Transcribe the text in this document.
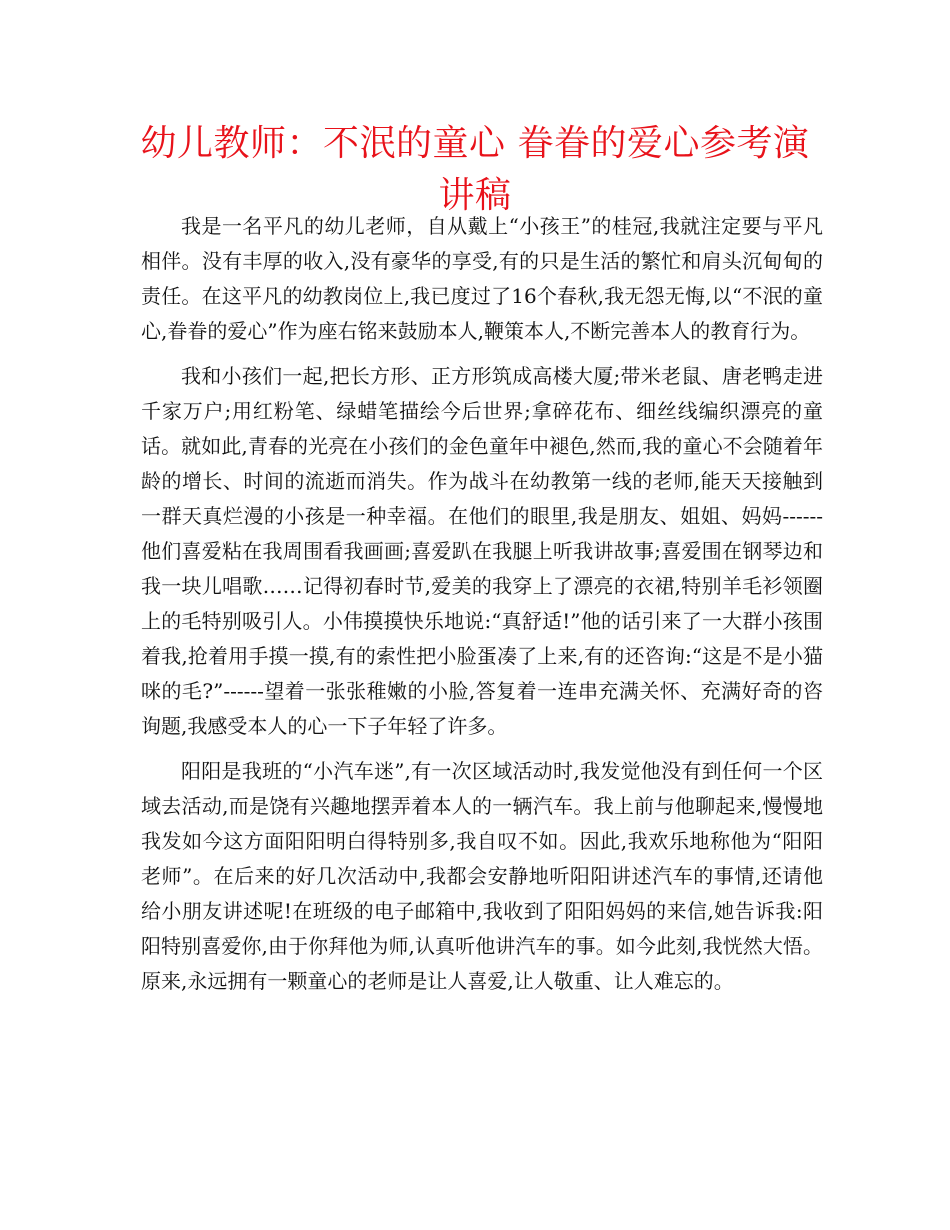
幼儿教师：不泯的童心 眷眷的爱心参考演讲稿

我是一名平凡的幼儿老师，自从戴上“小孩王”的桂冠,我就注定要与平凡相伴。没有丰厚的收入,没有豪华的享受,有的只是生活的繁忙和肩头沉甸甸的责任。在这平凡的幼教岗位上,我已度过了16个春秋,我无怨无悔,以“不泯的童心,眷眷的爱心”作为座右铭来鼓励本人,鞭策本人,不断完善本人的教育行为。

我和小孩们一起,把长方形、正方形筑成高楼大厦;带米老鼠、唐老鸭走进千家万户;用红粉笔、绿蜡笔描绘今后世界;拿碎花布、细丝线编织漂亮的童话。就如此,青春的光亮在小孩们的金色童年中褪色,然而,我的童心不会随着年龄的增长、时间的流逝而消失。作为战斗在幼教第一线的老师,能天天接触到一群天真烂漫的小孩是一种幸福。在他们的眼里,我是朋友、姐姐、妈妈------他们喜爱粘在我周围看我画画;喜爱趴在我腿上听我讲故事;喜爱围在钢琴边和我一块儿唱歌……记得初春时节,爱美的我穿上了漂亮的衣裙,特别羊毛衫领圈上的毛特别吸引人。小伟摸摸快乐地说:“真舒适!”他的话引来了一大群小孩围着我,抢着用手摸一摸,有的索性把小脸蛋凑了上来,有的还咨询:“这是不是小猫咪的毛?”------望着一张张稚嫩的小脸,答复着一连串充满关怀、充满好奇的咨询题,我感受本人的心一下子年轻了许多。

阳阳是我班的“小汽车迷”,有一次区域活动时,我发觉他没有到任何一个区域去活动,而是饶有兴趣地摆弄着本人的一辆汽车。我上前与他聊起来,慢慢地我发如今这方面阳阳明白得特别多,我自叹不如。因此,我欢乐地称他为“阳阳老师”。在后来的好几次活动中,我都会安静地听阳阳讲述汽车的事情,还请他给小朋友讲述呢!在班级的电子邮箱中,我收到了阳阳妈妈的来信,她告诉我:阳阳特别喜爱你,由于你拜他为师,认真听他讲汽车的事。如今此刻,我恍然大悟。原来,永远拥有一颗童心的老师是让人喜爱,让人敬重、让人难忘的。
